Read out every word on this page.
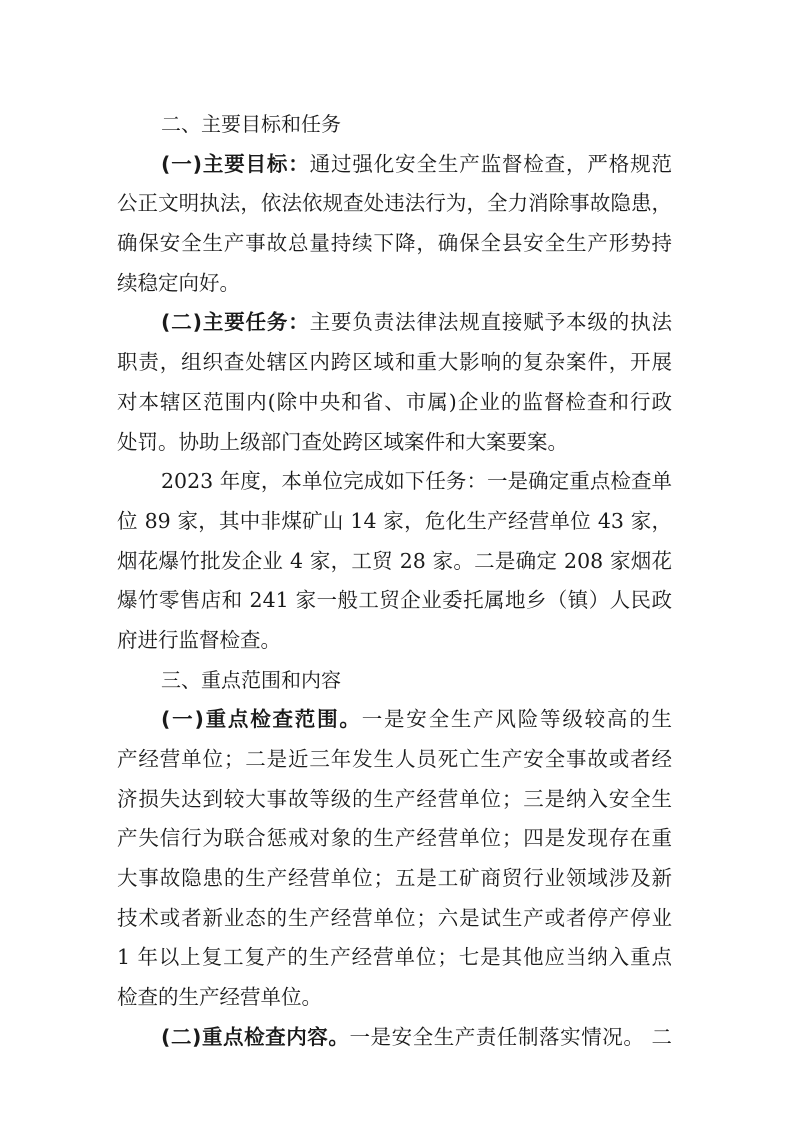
二、主要目标和任务
(一)主要目标：通过强化安全生产监督检查，严格规范
公正文明执法，依法依规查处违法行为，全力消除事故隐患，
确保安全生产事故总量持续下降，确保全县安全生产形势持
续稳定向好。
(二)主要任务：主要负责法律法规直接赋予本级的执法
职责，组织查处辖区内跨区域和重大影响的复杂案件，开展
对本辖区范围内(除中央和省、市属)企业的监督检查和行政
处罚。协助上级部门查处跨区域案件和大案要案。
2023 年度，本单位完成如下任务：一是确定重点检查单
位 89 家，其中非煤矿山 14 家，危化生产经营单位 43 家，
烟花爆竹批发企业 4 家，工贸 28 家。二是确定 208 家烟花
爆竹零售店和 241 家一般工贸企业委托属地乡（镇）人民政
府进行监督检查。
三、重点范围和内容
(一)重点检查范围。一是安全生产风险等级较高的生
产经营单位；二是近三年发生人员死亡生产安全事故或者经
济损失达到较大事故等级的生产经营单位；三是纳入安全生
产失信行为联合惩戒对象的生产经营单位；四是发现存在重
大事故隐患的生产经营单位；五是工矿商贸行业领域涉及新
技术或者新业态的生产经营单位；六是试生产或者停产停业
1 年以上复工复产的生产经营单位；七是其他应当纳入重点
检查的生产经营单位。
(二)重点检查内容。一是安全生产责任制落实情况。 二
